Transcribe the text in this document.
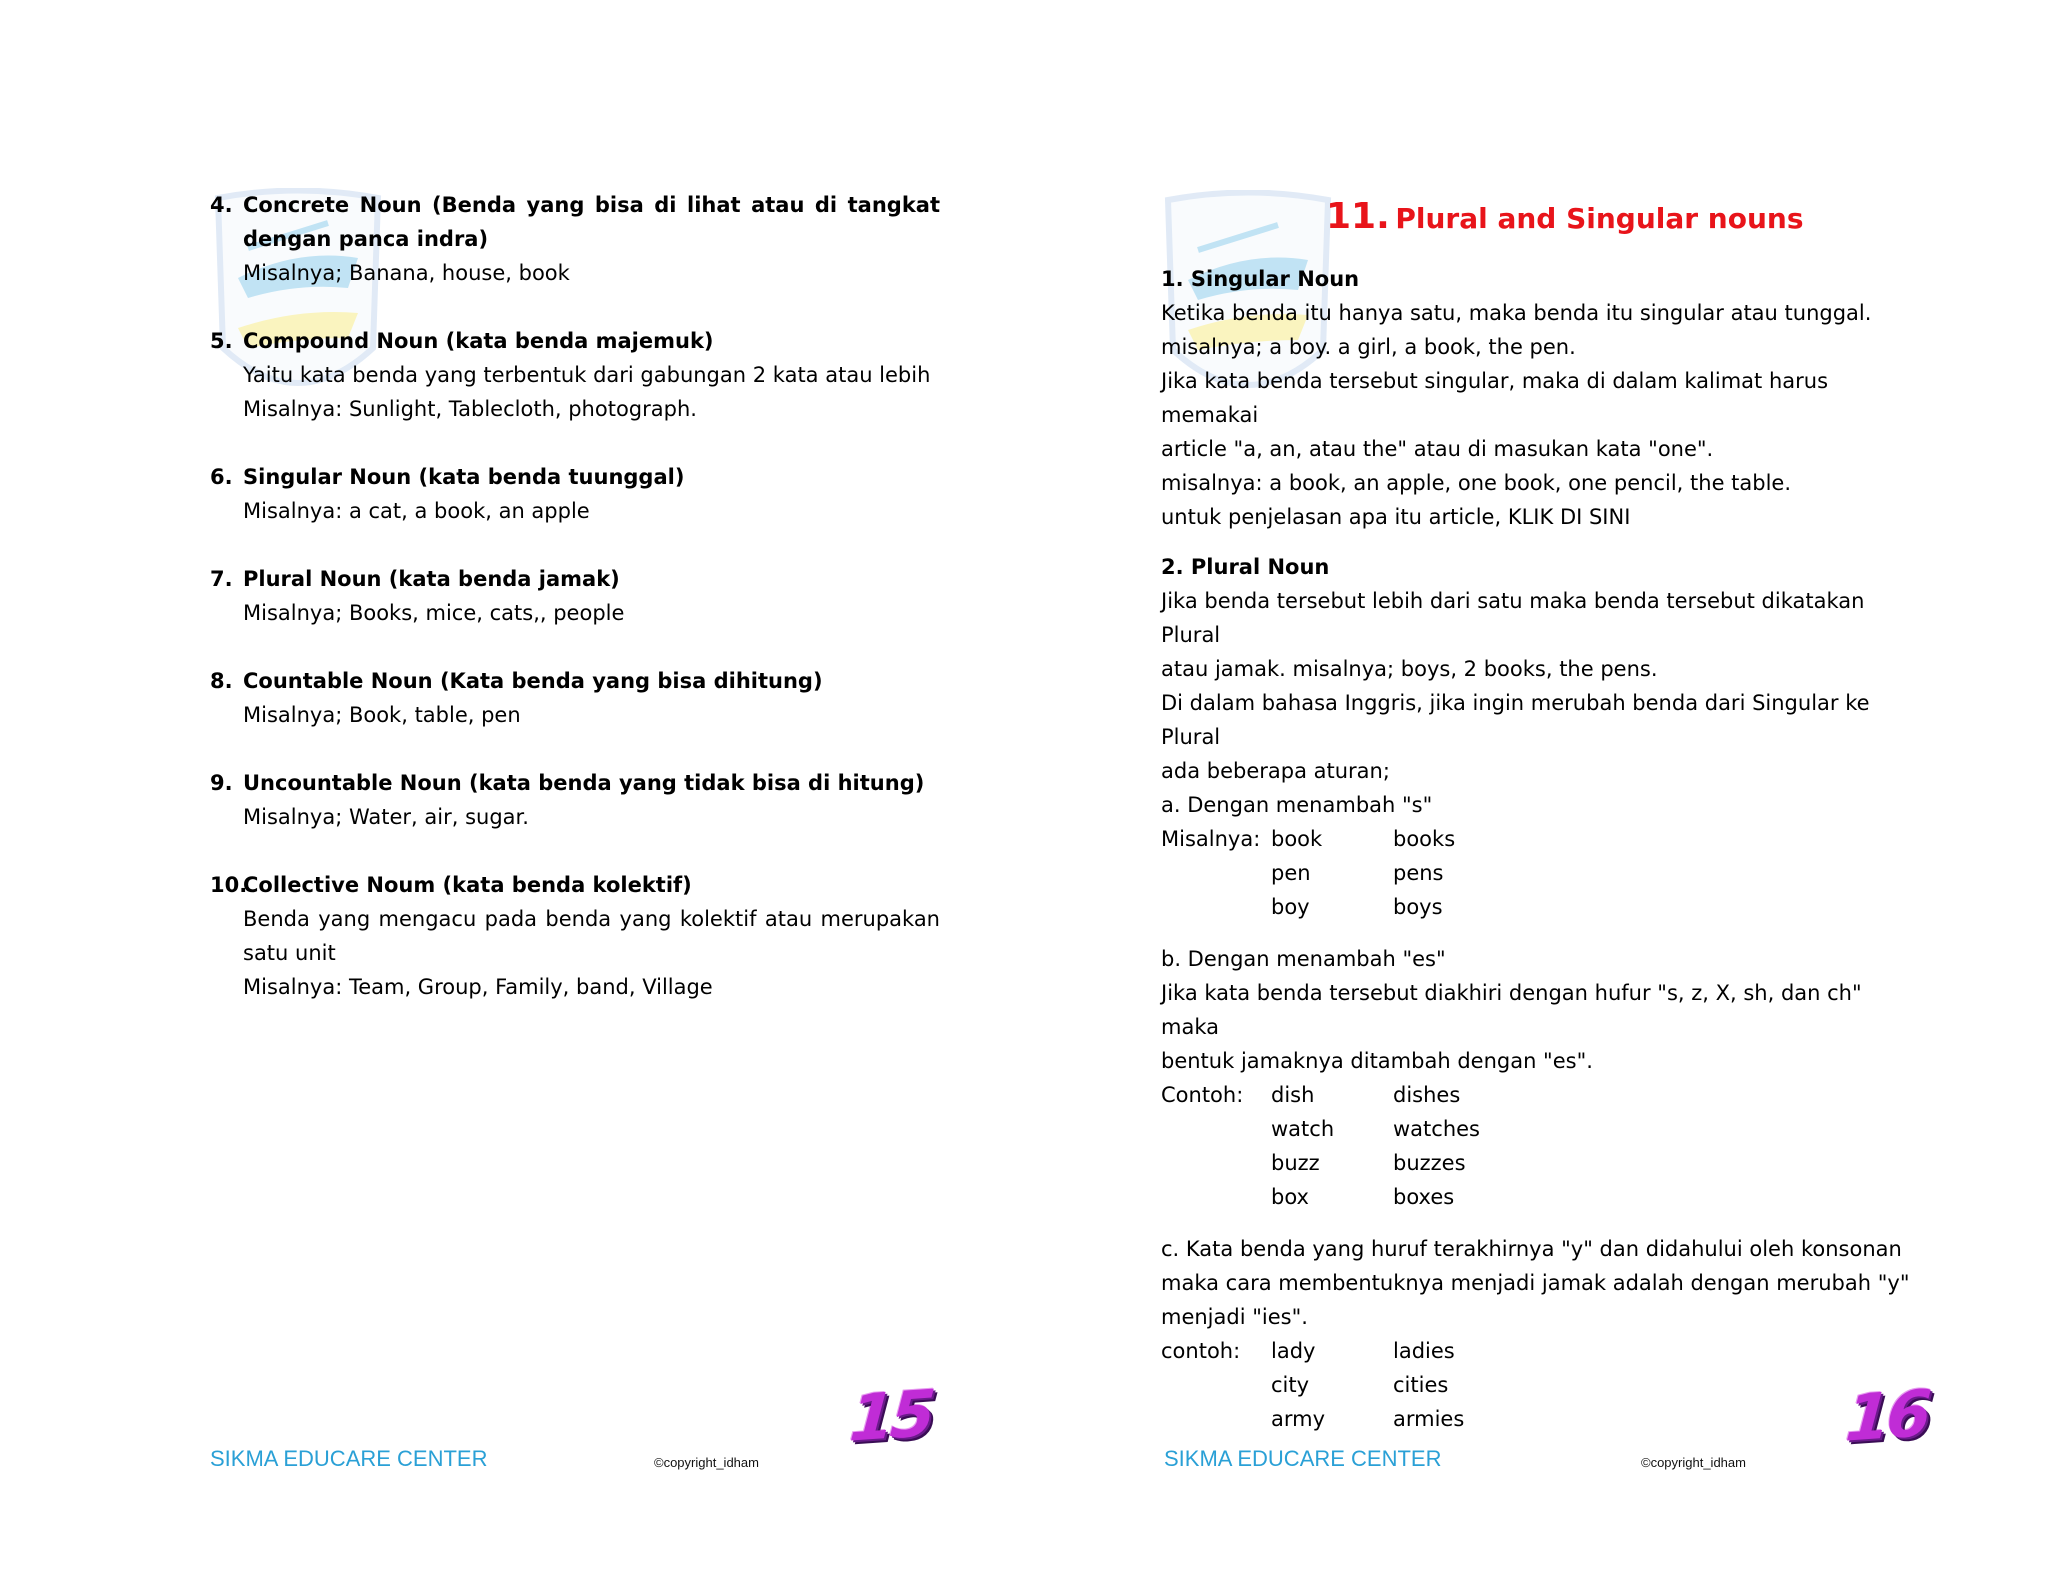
4. Concrete Noun (Benda yang bisa di lihat atau di tangkat dengan panca indra)
Misalnya; Banana, house, book
5. Compound Noun (kata benda majemuk)
Yaitu kata benda yang terbentuk dari gabungan 2 kata atau lebih
Misalnya: Sunlight, Tablecloth, photograph.
6. Singular Noun (kata benda tuunggal)
Misalnya: a cat, a book, an apple
7. Plural Noun (kata benda jamak)
Misalnya; Books, mice, cats,, people
8. Countable Noun (Kata benda yang bisa dihitung)
Misalnya; Book, table, pen
9. Uncountable Noun (kata benda yang tidak bisa di hitung)
Misalnya; Water, air, sugar.
10.
Collective Noum (kata benda kolektif)
Benda yang mengacu pada benda yang kolektif atau merupakan satu unit
Misalnya: Team, Group, Family, band, Village
SIKMA EDUCARE CENTER	©copyright_idham
15
11. Plural and Singular nouns
1. Singular Noun
Ketika benda itu hanya satu, maka benda itu singular atau tunggal.
misalnya; a boy. a girl, a book, the pen.
Jika kata benda tersebut singular, maka di dalam kalimat harus memakai
article "a, an, atau the" atau di masukan kata "one".
misalnya: a book, an apple, one book, one pencil, the table.
untuk penjelasan apa itu article, KLIK DI SINI
2. Plural Noun
Jika benda tersebut lebih dari satu maka benda tersebut dikatakan Plural
atau jamak. misalnya; boys, 2 books, the pens.
Di dalam bahasa Inggris, jika ingin merubah benda dari Singular ke Plural
ada beberapa aturan;
a. Dengan menambah "s"
Misalnya: book	books
pen	pens
boy	boys
b. Dengan menambah "es"
Jika kata benda tersebut diakhiri dengan hufur "s, z, X, sh, dan ch" maka
bentuk jamaknya ditambah dengan "es".
Contoh:	dish	dishes
watch	watches
buzz	buzzes
box	boxes
c. Kata benda yang huruf terakhirnya "y" dan didahului oleh konsonan
maka cara membentuknya menjadi jamak adalah dengan merubah "y"
menjadi "ies".
contoh:	lady	ladies
city	cities
army	armies
SIKMA EDUCARE CENTER	©copyright_idham
16
